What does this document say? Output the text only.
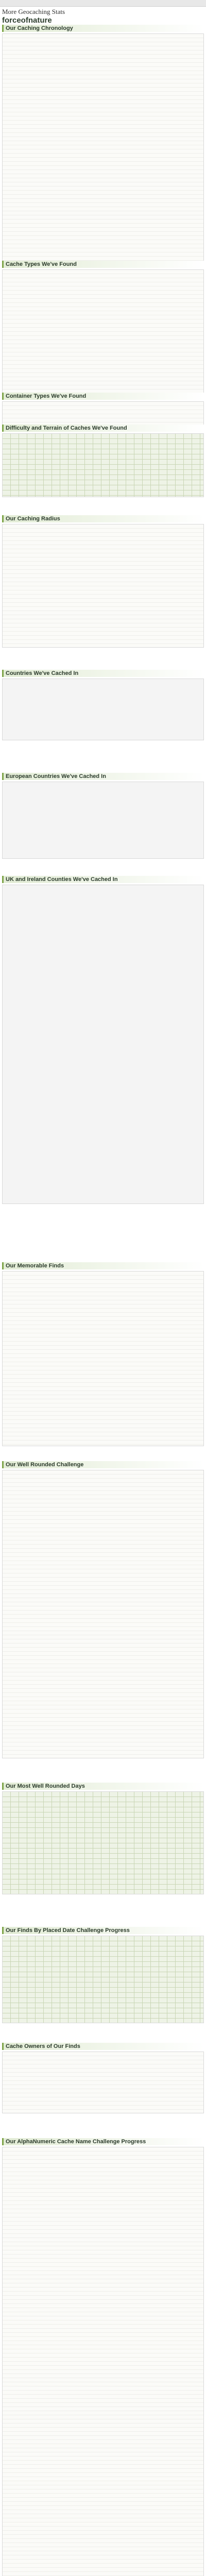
More Geocaching Stats
forceofnature
Our Caching Chronology
Cache Types We've Found
Container Types We've Found
Difficulty and Terrain of Caches We've Found
Our Caching Radius
Countries We've Cached In
European Countries We've Cached In
UK and Ireland Counties We've Cached In
Our Memorable Finds
Our Well Rounded Challenge
Our Most Well Rounded Days
Our Finds By Placed Date Challenge Progress
Cache Owners of Our Finds
Our AlphaNumeric Cache Name Challenge Progress
